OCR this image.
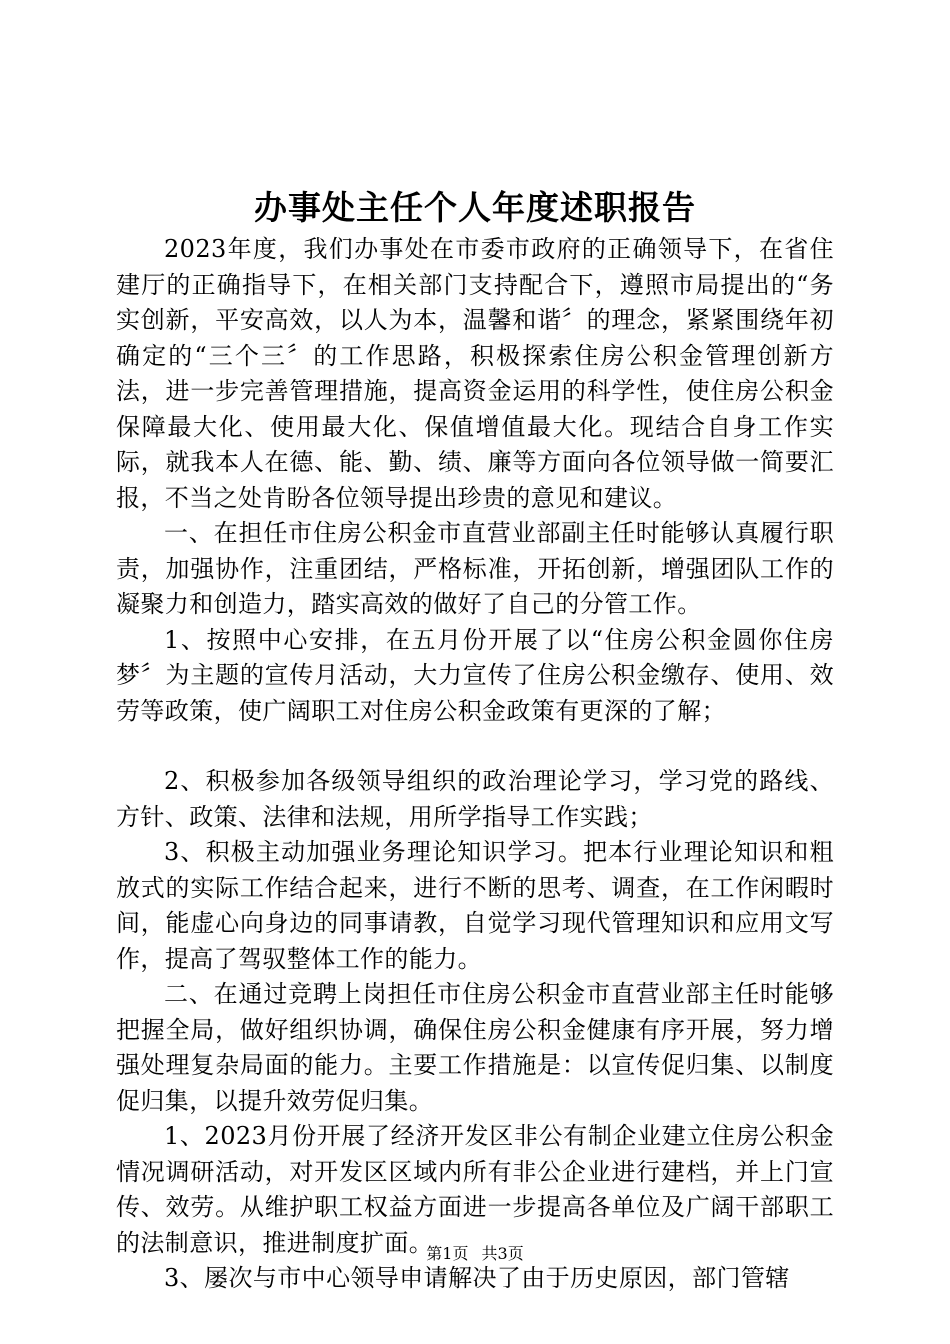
办事处主任个人年度述职报告

2023年度，我们办事处在市委市政府的正确领导下，在省住建厅的正确指导下，在相关部门支持配合下，遵照市局提出的“务实创新，平安高效，以人为本，温馨和谐〞的理念，紧紧围绕年初确定的“三个三〞的工作思路，积极探索住房公积金管理创新方法，进一步完善管理措施，提高资金运用的科学性，使住房公积金保障最大化、使用最大化、保值增值最大化。现结合自身工作实际，就我本人在德、能、勤、绩、廉等方面向各位领导做一简要汇报，不当之处肯盼各位领导提出珍贵的意见和建议。

一、在担任市住房公积金市直营业部副主任时能够认真履行职责，加强协作，注重团结，严格标准，开拓创新，增强团队工作的凝聚力和创造力，踏实高效的做好了自己的分管工作。

1、按照中心安排，在五月份开展了以“住房公积金圆你住房梦〞为主题的宣传月活动，大力宣传了住房公积金缴存、使用、效劳等政策，使广阔职工对住房公积金政策有更深的了解；

2、积极参加各级领导组织的政治理论学习，学习党的路线、方针、政策、法律和法规，用所学指导工作实践；

3、积极主动加强业务理论知识学习。把本行业理论知识和粗放式的实际工作结合起来，进行不断的思考、调查，在工作闲暇时间，能虚心向身边的同事请教，自觉学习现代管理知识和应用文写作，提高了驾驭整体工作的能力。

二、在通过竞聘上岗担任市住房公积金市直营业部主任时能够把握全局，做好组织协调，确保住房公积金健康有序开展，努力增强处理复杂局面的能力。主要工作措施是：以宣传促归集、以制度促归集，以提升效劳促归集。

1、2023月份开展了经济开发区非公有制企业建立住房公积金情况调研活动，对开发区区域内所有非公企业进行建档，并上门宣传、效劳。从维护职工权益方面进一步提高各单位及广阔干部职工的法制意识，推进制度扩面。

3、屡次与市中心领导申请解决了由于历史原因，部门管辖

第1页 共3页
